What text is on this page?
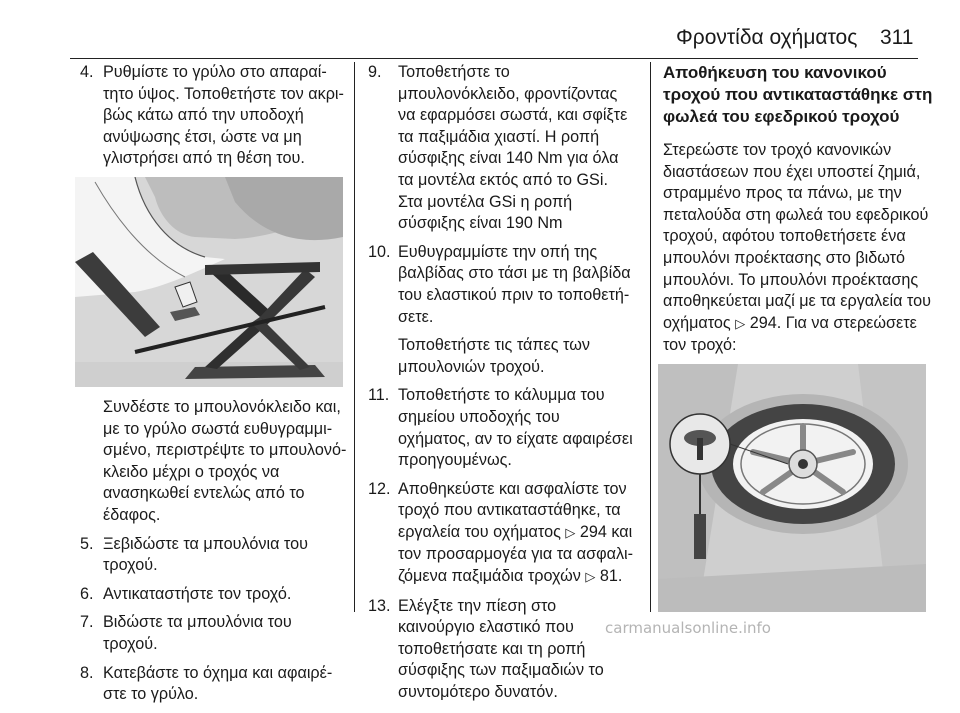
Φροντίδα οχήματος 311
4. Ρυθμίστε το γρύλο στο απαραίτητο ύψος. Τοποθετήστε τον ακριβώς κάτω από την υποδοχή ανύψωσης έτσι, ώστε να μη γλιστρήσει από τη θέση του.
Συνδέστε το μπουλονόκλειδο και, με το γρύλο σωστά ευθυγραμμισμένο, περιστρέψτε το μπουλονόκλειδο μέχρι ο τροχός να ανασηκωθεί εντελώς από το έδαφος.
5. Ξεβιδώστε τα μπουλόνια του τροχού.
6. Αντικαταστήστε τον τροχό.
7. Βιδώστε τα μπουλόνια του τροχού.
8. Κατεβάστε το όχημα και αφαιρέστε το γρύλο.
9. Τοποθετήστε το μπουλονόκλειδο, φροντίζοντας να εφαρμόσει σωστά, και σφίξτε τα παξιμάδια χιαστί. Η ροπή σύσφιξης είναι 140 Nm για όλα τα μοντέλα εκτός από το GSi. Στα μοντέλα GSi η ροπή σύσφιξης είναι 190 Nm
10. Ευθυγραμμίστε την οπή της βαλβίδας στο τάσι με τη βαλβίδα του ελαστικού πριν το τοποθετήσετε.
Τοποθετήστε τις τάπες των μπουλονιών τροχού.
11. Τοποθετήστε το κάλυμμα του σημείου υποδοχής του οχήματος, αν το είχατε αφαιρέσει προηγουμένως.
12. Αποθηκεύστε και ασφαλίστε τον τροχό που αντικαταστάθηκε, τα εργαλεία του οχήματος ▷ 294 και τον προσαρμογέα για τα ασφαλιζόμενα παξιμάδια τροχών ▷ 81.
13. Ελέγξτε την πίεση στο καινούργιο ελαστικό που τοποθετήσατε και τη ροπή σύσφιξης των παξιμαδιών το συντομότερο δυνατόν.
Αποθήκευση του κανονικού τροχού που αντικαταστάθηκε στη φωλεά του εφεδρικού τροχού
Στερεώστε τον τροχό κανονικών διαστάσεων που έχει υποστεί ζημιά, στραμμένο προς τα πάνω, με την πεταλούδα στη φωλεά του εφεδρικού τροχού, αφότου τοποθετήσετε ένα μπουλόνι προέκτασης στο βιδωτό μπουλόνι. Το μπουλόνι προέκτασης αποθηκεύεται μαζί με τα εργαλεία του οχήματος ▷ 294. Για να στερεώσετε τον τροχό:
carmanualsonline.info
